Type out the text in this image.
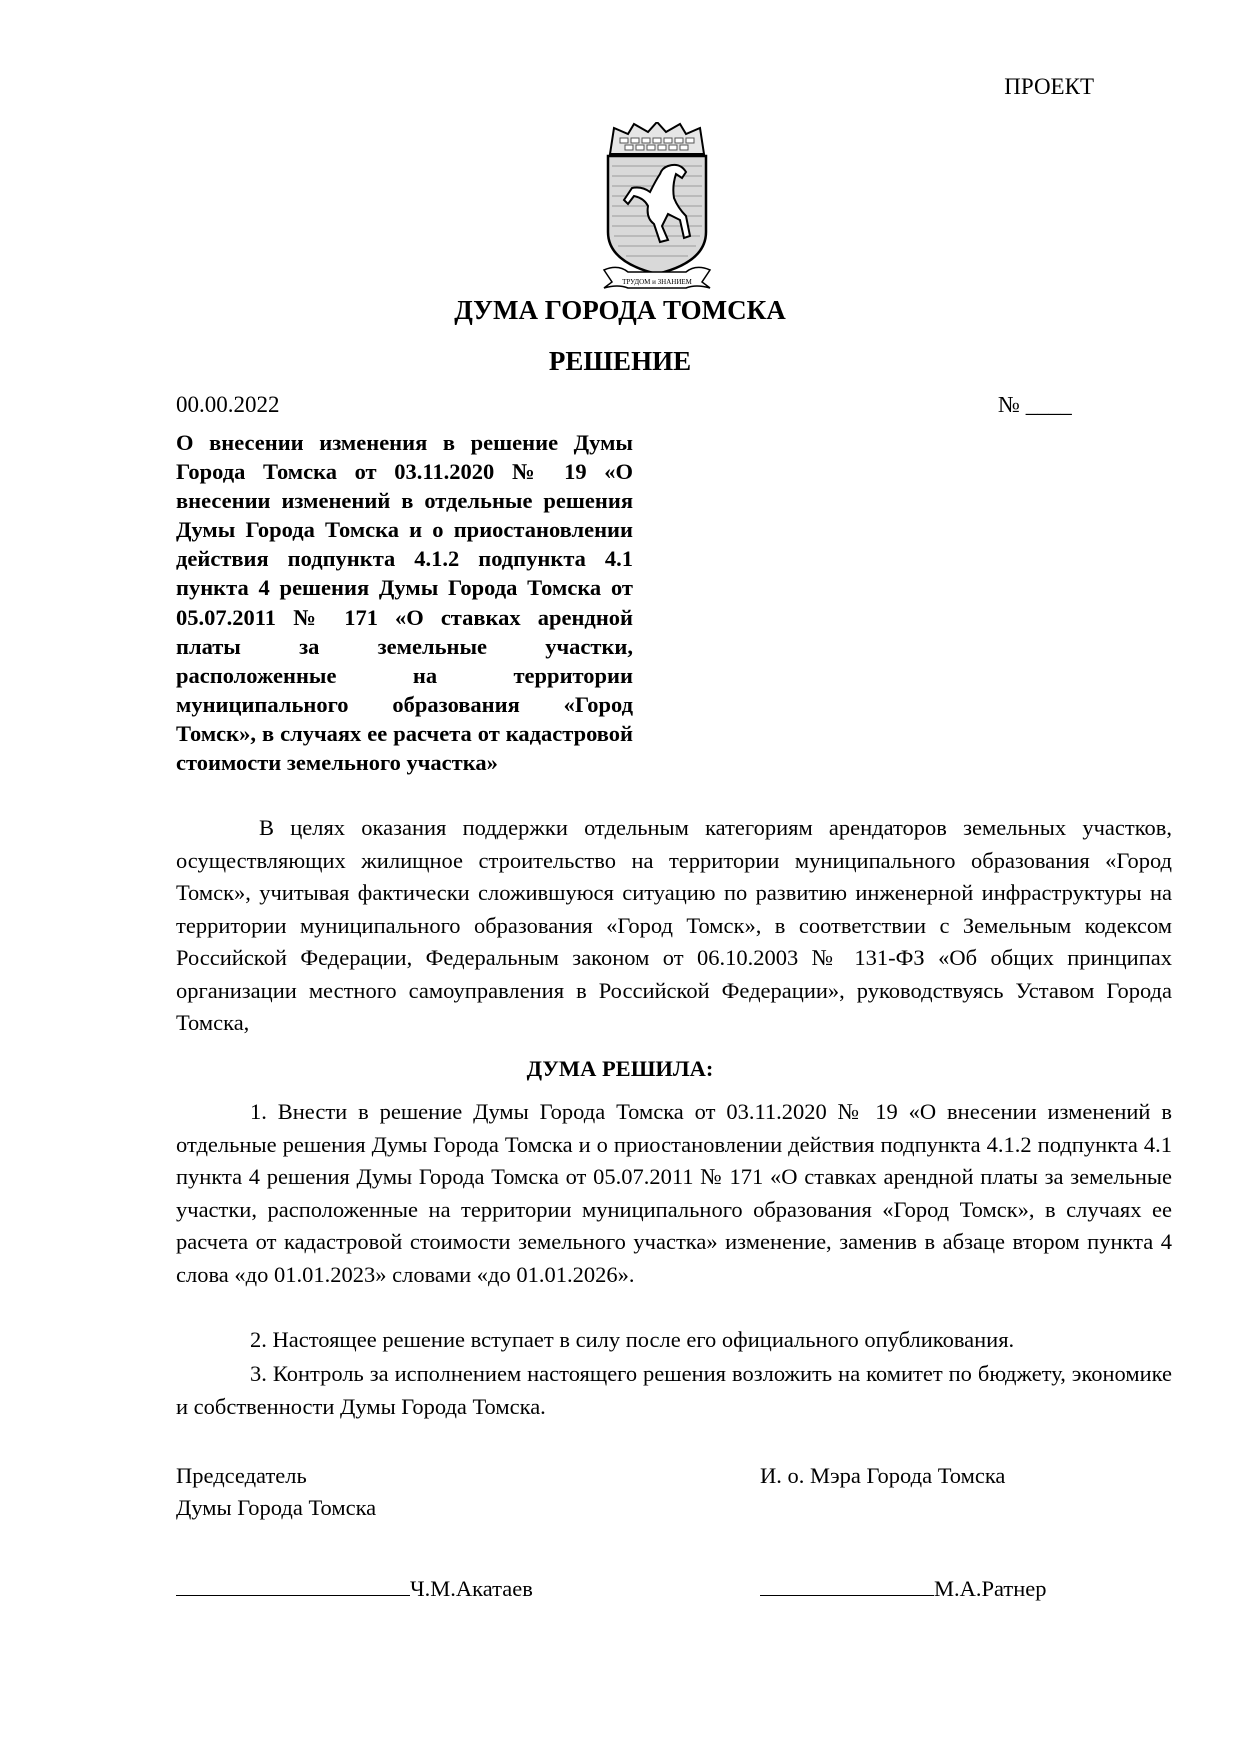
ПРОЕКТ
ТРУДОМ и ЗНАНИЕМ
ДУМА ГОРОДА ТОМСКА
РЕШЕНИЕ
00.00.2022	№ ____
О внесении изменения в решение Думы Города Томска от 03.11.2020 № 19 «О внесении изменений в отдельные решения Думы Города Томска и о приостановлении действия подпункта 4.1.2 подпункта 4.1 пункта 4 решения Думы Города Томска от 05.07.2011 № 171 «О ставках арендной платы за земельные участки, расположенные на территории муниципального образования «Город Томск», в случаях ее расчета от кадастровой стоимости земельного участка»

В целях оказания поддержки отдельным категориям арендаторов земельных участков, осуществляющих жилищное строительство на территории муниципального образования «Город Томск», учитывая фактически сложившуюся ситуацию по развитию инженерной инфраструктуры на территории муниципального образования «Город Томск», в соответствии с Земельным кодексом Российской Федерации, Федеральным законом от 06.10.2003 № 131-ФЗ «Об общих принципах организации местного самоуправления в Российской Федерации», руководствуясь Уставом Города Томска,

ДУМА РЕШИЛА:

1. Внести в решение Думы Города Томска от 03.11.2020 № 19 «О внесении изменений в отдельные решения Думы Города Томска и о приостановлении действия подпункта 4.1.2 подпункта 4.1 пункта 4 решения Думы Города Томска от 05.07.2011 № 171 «О ставках арендной платы за земельные участки, расположенные на территории муниципального образования «Город Томск», в случаях ее расчета от кадастровой стоимости земельного участка» изменение, заменив в абзаце втором пункта 4 слова «до 01.01.2023» словами «до 01.01.2026».

2. Настоящее решение вступает в силу после его официального опубликования.

3. Контроль за исполнением настоящего решения возложить на комитет по бюджету, экономике и собственности Думы Города Томска.

Председатель
Думы Города Томска
И. о. Мэра Города Томска
Ч.М.Акатаев	М.А.Ратнер
